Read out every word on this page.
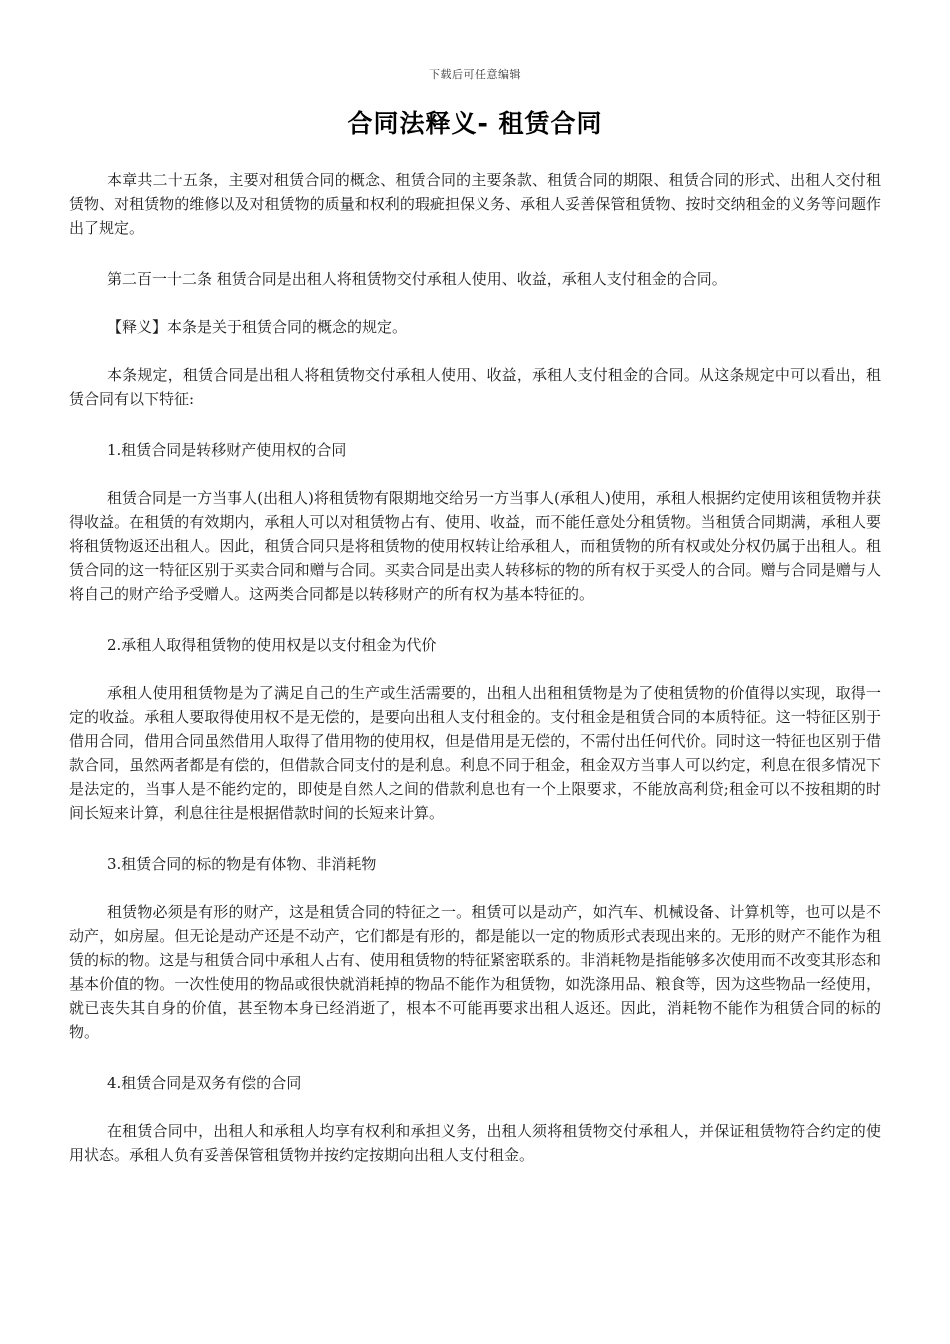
下载后可任意编辑
合同法释义- 租赁合同

本章共二十五条，主要对租赁合同的概念、租赁合同的主要条款、租赁合同的期限、租赁合同的形式、出租人交付租赁物、对租赁物的维修以及对租赁物的质量和权利的瑕疵担保义务、承租人妥善保管租赁物、按时交纳租金的义务等问题作出了规定。

第二百一十二条 租赁合同是出租人将租赁物交付承租人使用、收益，承租人支付租金的合同。

【释义】本条是关于租赁合同的概念的规定。

本条规定，租赁合同是出租人将租赁物交付承租人使用、收益，承租人支付租金的合同。从这条规定中可以看出，租赁合同有以下特征:

1.租赁合同是转移财产使用权的合同

租赁合同是一方当事人(出租人)将租赁物有限期地交给另一方当事人(承租人)使用，承租人根据约定使用该租赁物并获得收益。在租赁的有效期内，承租人可以对租赁物占有、使用、收益，而不能任意处分租赁物。当租赁合同期满，承租人要将租赁物返还出租人。因此，租赁合同只是将租赁物的使用权转让给承租人，而租赁物的所有权或处分权仍属于出租人。租赁合同的这一特征区别于买卖合同和赠与合同。买卖合同是出卖人转移标的物的所有权于买受人的合同。赠与合同是赠与人将自己的财产给予受赠人。这两类合同都是以转移财产的所有权为基本特征的。

2.承租人取得租赁物的使用权是以支付租金为代价

承租人使用租赁物是为了满足自己的生产或生活需要的，出租人出租租赁物是为了使租赁物的价值得以实现，取得一定的收益。承租人要取得使用权不是无偿的，是要向出租人支付租金的。支付租金是租赁合同的本质特征。这一特征区别于借用合同，借用合同虽然借用人取得了借用物的使用权，但是借用是无偿的，不需付出任何代价。同时这一特征也区别于借款合同，虽然两者都是有偿的，但借款合同支付的是利息。利息不同于租金，租金双方当事人可以约定，利息在很多情况下是法定的，当事人是不能约定的，即使是自然人之间的借款利息也有一个上限要求，不能放高利贷;租金可以不按租期的时间长短来计算，利息往往是根据借款时间的长短来计算。

3.租赁合同的标的物是有体物、非消耗物

租赁物必须是有形的财产，这是租赁合同的特征之一。租赁可以是动产，如汽车、机械设备、计算机等，也可以是不动产，如房屋。但无论是动产还是不动产，它们都是有形的，都是能以一定的物质形式表现出来的。无形的财产不能作为租赁的标的物。这是与租赁合同中承租人占有、使用租赁物的特征紧密联系的。非消耗物是指能够多次使用而不改变其形态和基本价值的物。一次性使用的物品或很快就消耗掉的物品不能作为租赁物，如洗涤用品、粮食等，因为这些物品一经使用，就已丧失其自身的价值，甚至物本身已经消逝了，根本不可能再要求出租人返还。因此，消耗物不能作为租赁合同的标的物。

4.租赁合同是双务有偿的合同

在租赁合同中，出租人和承租人均享有权利和承担义务，出租人须将租赁物交付承租人，并保证租赁物符合约定的使用状态。承租人负有妥善保管租赁物并按约定按期向出租人支付租金。
